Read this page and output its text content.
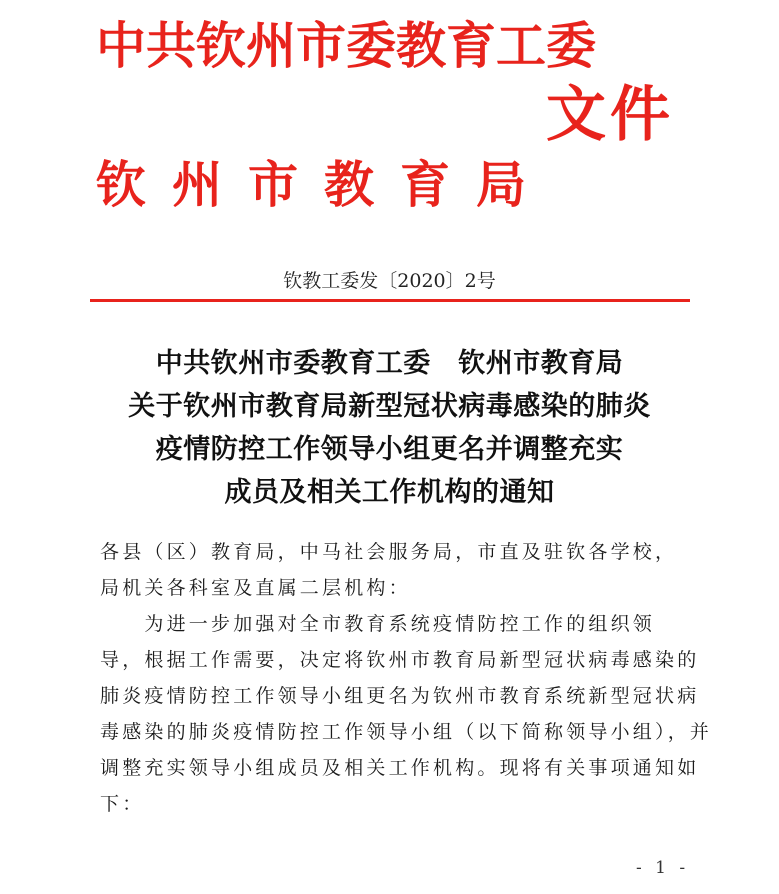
中共钦州市委教育工委
文件
钦州市教育局
钦教工委发〔2020〕2号
中共钦州市委教育工委　钦州市教育局
关于钦州市教育局新型冠状病毒感染的肺炎
疫情防控工作领导小组更名并调整充实
成员及相关工作机构的通知
各县（区）教育局，中马社会服务局，市直及驻钦各学校，
局机关各科室及直属二层机构：
　　为进一步加强对全市教育系统疫情防控工作的组织领
导，根据工作需要，决定将钦州市教育局新型冠状病毒感染的
肺炎疫情防控工作领导小组更名为钦州市教育系统新型冠状病
毒感染的肺炎疫情防控工作领导小组（以下简称领导小组），并
调整充实领导小组成员及相关工作机构。现将有关事项通知如
下：
- 1 -
